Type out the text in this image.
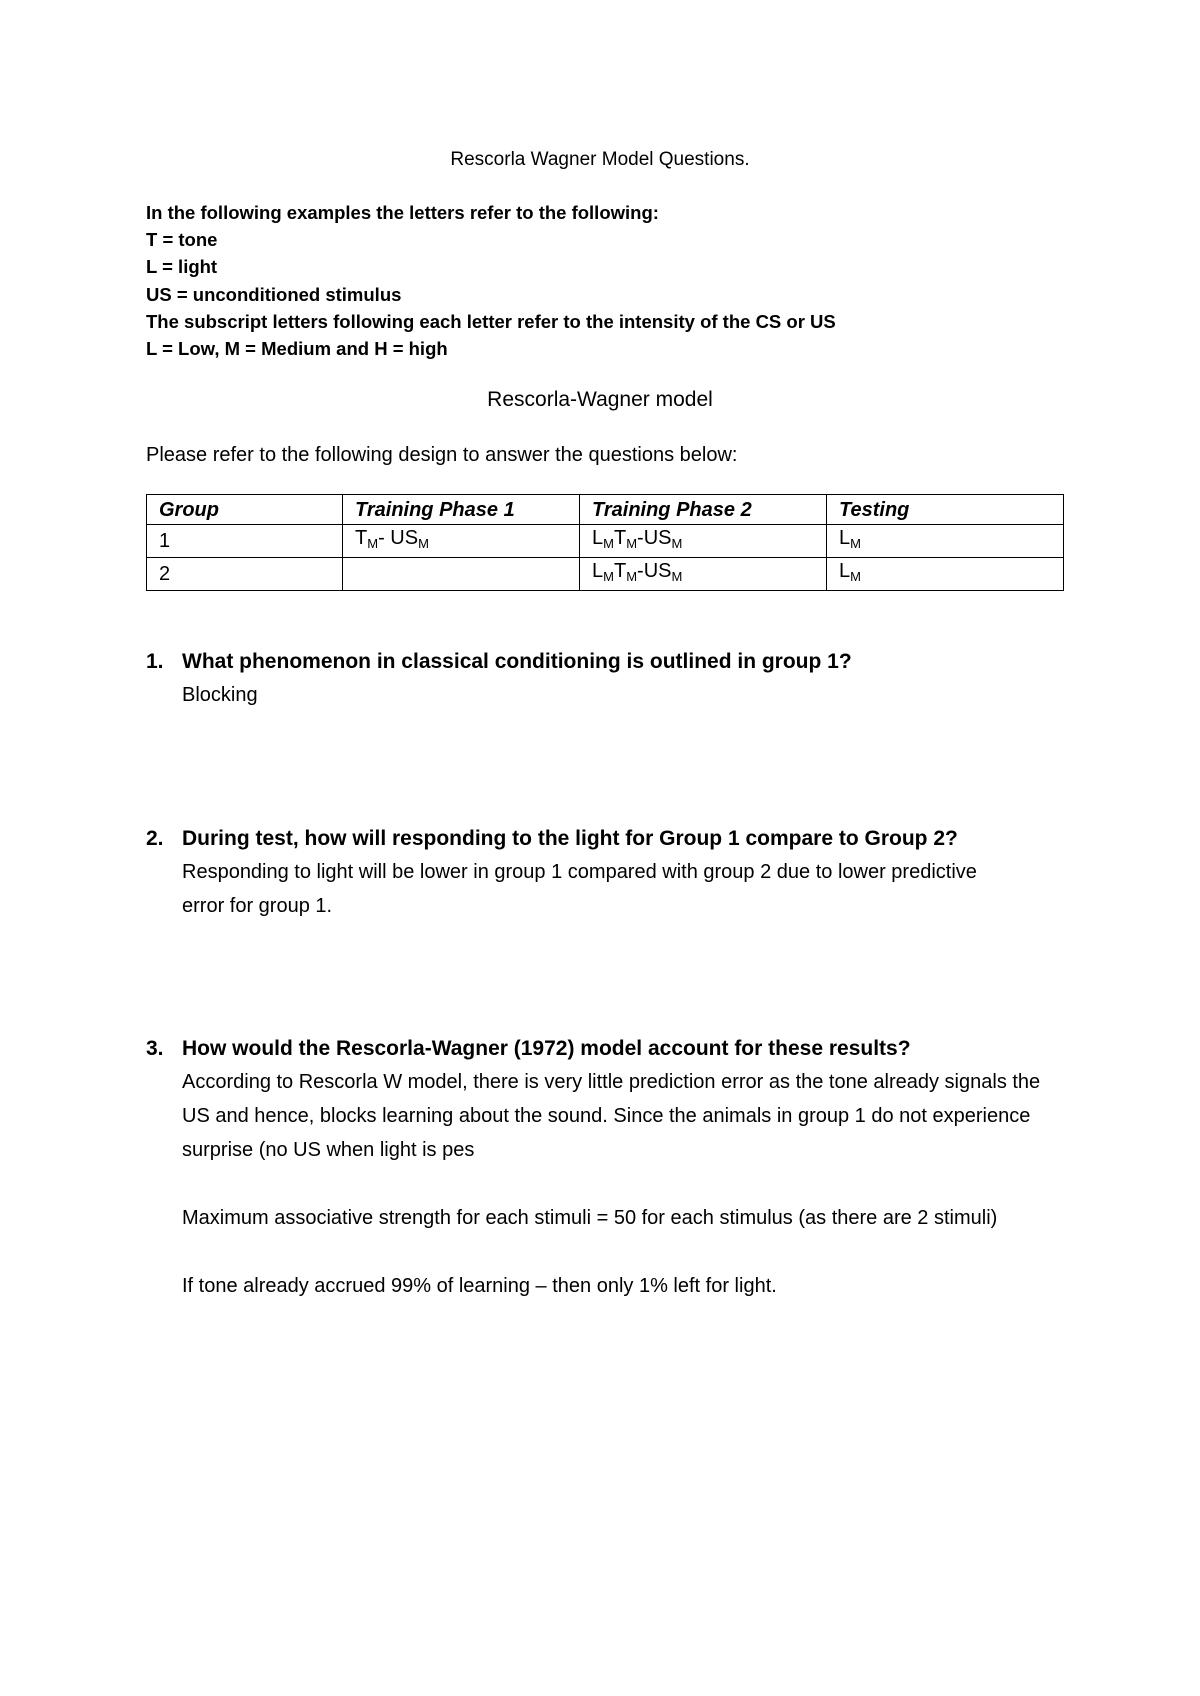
Rescorla Wagner Model Questions.
In the following examples the letters refer to the following:
T = tone
L = light
US = unconditioned stimulus
The subscript letters following each letter refer to the intensity of the CS or US
L = Low, M = Medium and H = high
Rescorla-Wagner model
Please refer to the following design to answer the questions below:
Group	Training Phase 1	Training Phase 2	Testing
1	$T_M-$ $US_M$	$L_MT_M-US_M$	$L_M$
2		$L_MT_M-US_M$	$L_M$
1. What phenomenon in classical conditioning is outlined in group 1?

Blocking

2. During test, how will responding to the light for Group 1 compare to Group 2?

Responding to light will be lower in group 1 compared with group 2 due to lower predictive error for group 1.

3. How would the Rescorla-Wagner (1972) model account for these results?

According to Rescorla W model, there is very little prediction error as the tone already signals the US and hence, blocks learning about the sound. Since the animals in group 1 do not experience surprise (no US when light is pes

Maximum associative strength for each stimuli = 50 for each stimulus (as there are 2 stimuli)

If tone already accrued 99% of learning – then only 1% left for light.
